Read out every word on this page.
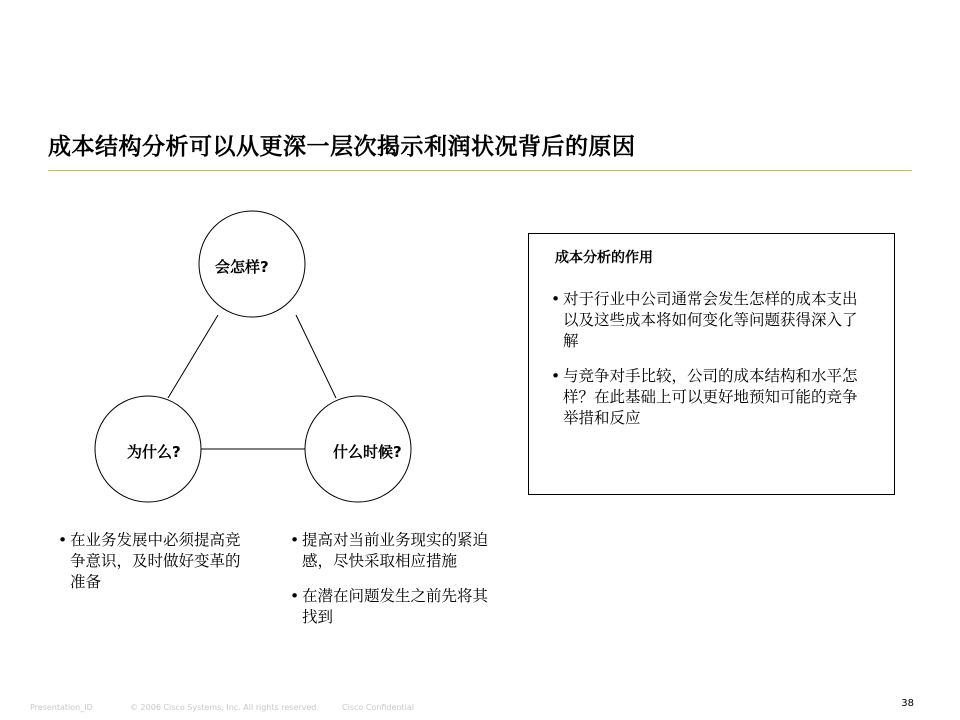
成本结构分析可以从更深一层次揭示利润状况背后的原因
会怎样?
为什么?	什么时候?
• 在业务发展中必须提高竞争意识，及时做好变革的准备
• 提高对当前业务现实的紧迫感，尽快采取相应措施
• 在潜在问题发生之前先将其找到
成本分析的作用
• 对于行业中公司通常会发生怎样的成本支出以及这些成本将如何变化等问题获得深入了解
• 与竞争对手比较，公司的成本结构和水平怎样？在此基础上可以更好地预知可能的竞争举措和反应
Presentation_ID	© 2006 Cisco Systems, Inc. All rights reserved.	Cisco Confidential	38
